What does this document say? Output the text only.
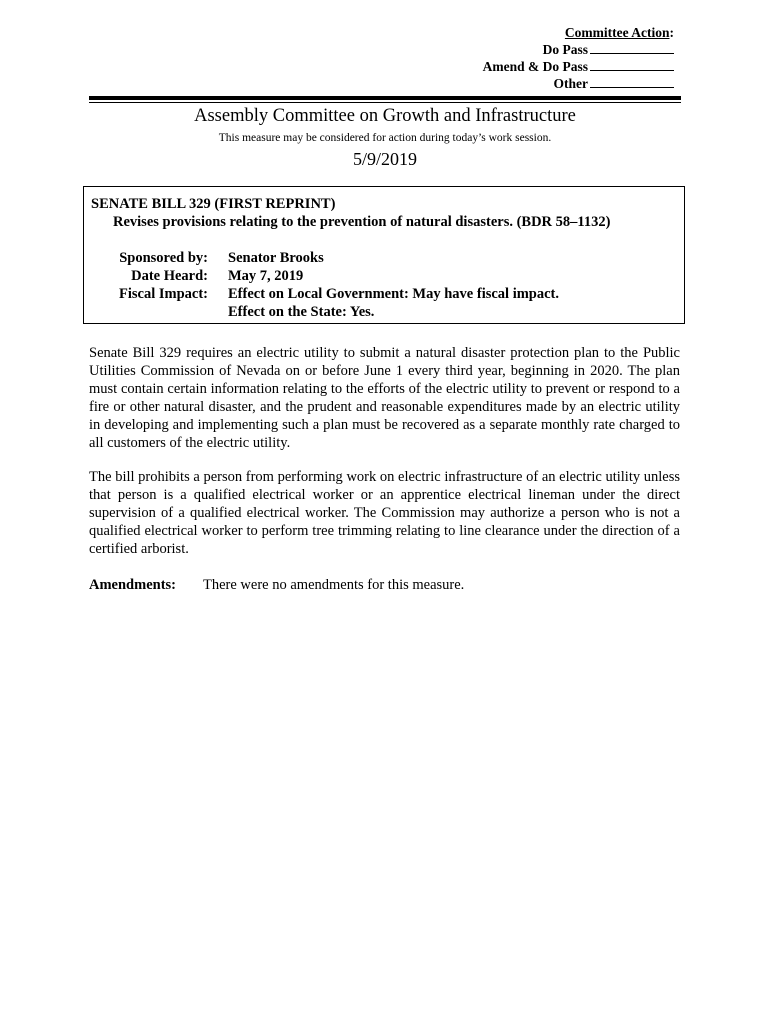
Committee Action:
Do Pass
Amend & Do Pass
Other
Assembly Committee on Growth and Infrastructure
This measure may be considered for action during today’s work session.
5/9/2019
SENATE BILL 329 (FIRST REPRINT)
Revises provisions relating to the prevention of natural disasters. (BDR 58–1132)
Sponsored by:	Senator Brooks
Date Heard:	May 7, 2019
Fiscal Impact:	Effect on Local Government: May have fiscal impact.
Effect on the State: Yes.

Senate Bill 329 requires an electric utility to submit a natural disaster protection plan to the Public Utilities Commission of Nevada on or before June 1 every third year, beginning in 2020. The plan must contain certain information relating to the efforts of the electric utility to prevent or respond to a fire or other natural disaster, and the prudent and reasonable expenditures made by an electric utility in developing and implementing such a plan must be recovered as a separate monthly rate charged to all customers of the electric utility.

The bill prohibits a person from performing work on electric infrastructure of an electric utility unless that person is a qualified electrical worker or an apprentice electrical lineman under the direct supervision of a qualified electrical worker. The Commission may authorize a person who is not a qualified electrical worker to perform tree trimming relating to line clearance under the direction of a certified arborist.

Amendments: There were no amendments for this measure.
